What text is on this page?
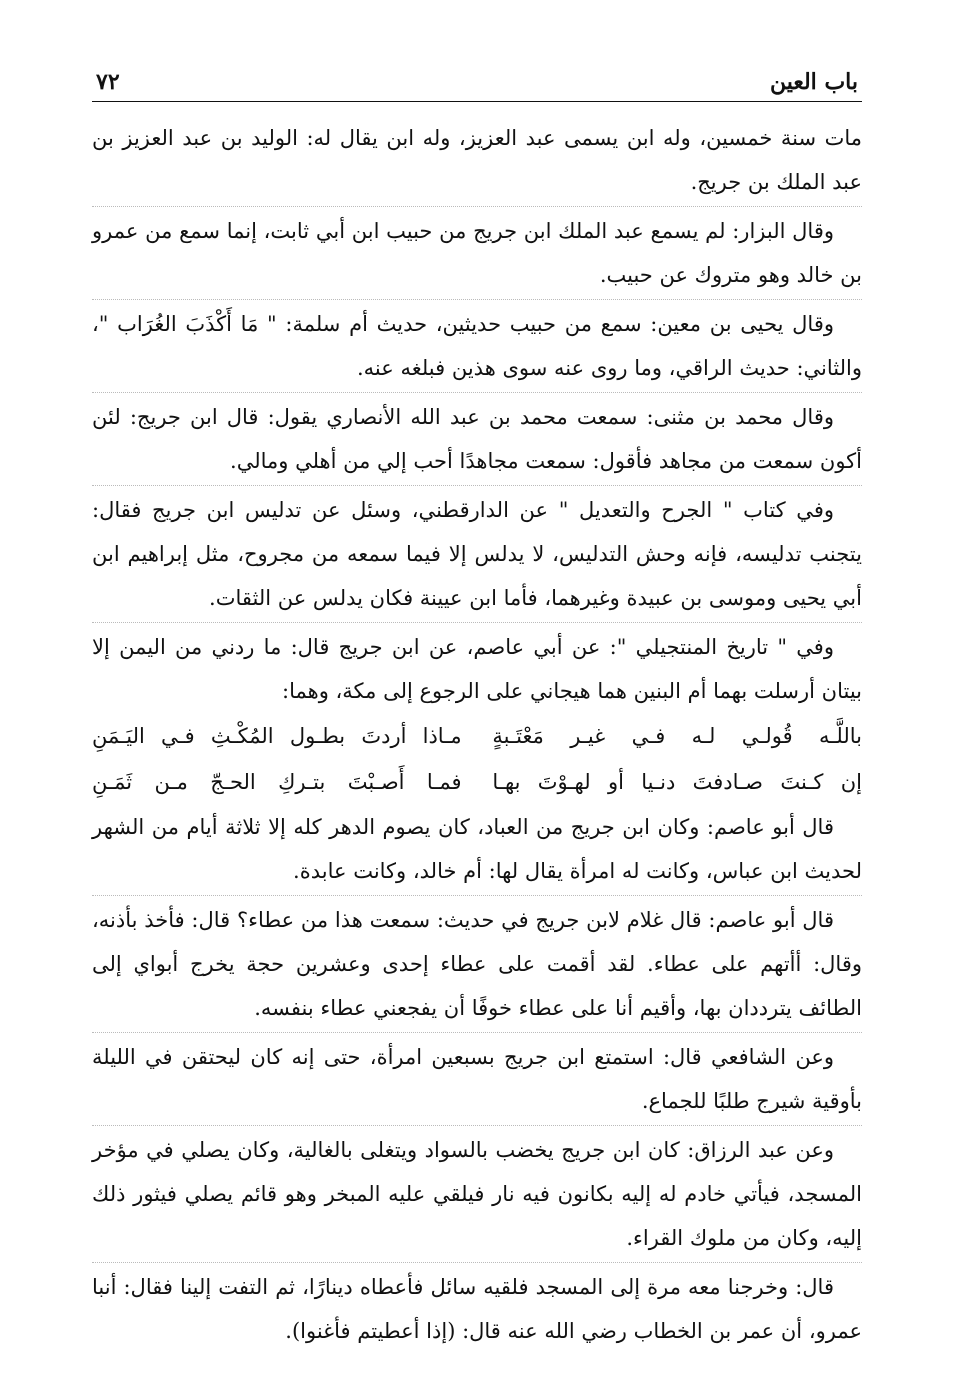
باب العين
٧٢

مات سنة خمسين، وله ابن يسمى عبد العزيز، وله ابن يقال له: الوليد بن عبد العزيز بن عبد الملك بن جريج.

وقال البزار: لم يسمع عبد الملك ابن جريج من حبيب ابن أبي ثابت، إنما سمع من عمرو بن خالد وهو متروك عن حبيب.

وقال يحيى بن معين: سمع من حبيب حديثين، حديث أم سلمة: " مَا أَكْذَبَ الغُرَاب "، والثاني: حديث الراقي، وما روى عنه سوى هذين فبلغه عنه.

وقال محمد بن مثنى: سمعت محمد بن عبد الله الأنصاري يقول: قال ابن جريج: لئن أكون سمعت من مجاهد فأقول: سمعت مجاهدًا أحب إلي من أهلي ومالي.

وفي كتاب " الجرح والتعديل " عن الدارقطني، وسئل عن تدليس ابن جريج فقال: يتجنب تدليسه، فإنه وحش التدليس، لا يدلس إلا فيما سمعه من مجروح، مثل إبراهيم ابن أبي يحيى وموسى بن عبيدة وغيرهما، فأما ابن عيينة فكان يدلس عن الثقات.

وفي " تاريخ المنتجيلي ": عن أبي عاصم، عن ابن جريج قال: ما ردني من اليمن إلا بيتان أرسلت بهما أم البنين هما هيجاني على الرجوع إلى مكة، وهما:

باللَّـه قُولـي لـه فـي غيـر مَعْتَـبةٍ
مـاذا أردتَ بطـول المُكْـثِ فـي اليَـمَنِ
إن كـنتَ صـادفتَ دنـيا أو لهـوْتَ بهـا
فمـا أَصـبْتَ بتـركِ الحـجّ مـن ثَمَـنِ

قال أبو عاصم: وكان ابن جريج من العباد، كان يصوم الدهر كله إلا ثلاثة أيام من الشهر لحديث ابن عباس، وكانت له امرأة يقال لها: أم خالد، وكانت عابدة.

قال أبو عاصم: قال غلام لابن جريج في حديث: سمعت هذا من عطاء؟ قال: فأخذ بأذنه، وقال: أأتهم على عطاء. لقد أقمت على عطاء إحدى وعشرين حجة يخرج أبواي إلى الطائف يترددان بها، وأقيم أنا على عطاء خوفًا أن يفجعني عطاء بنفسه.

وعن الشافعي قال: استمتع ابن جريج بسبعين امرأة، حتى إنه كان ليحتقن في الليلة بأوقية شيرج طلبًا للجماع.

وعن عبد الرزاق: كان ابن جريج يخضب بالسواد ويتغلى بالغالية، وكان يصلي في مؤخر المسجد، فيأتي خادم له إليه بكانون فيه نار فيلقي عليه المبخر وهو قائم يصلي فيثور ذلك إليه، وكان من ملوك القراء.

قال: وخرجنا معه مرة إلى المسجد فلقيه سائل فأعطاه دينارًا، ثم التفت إلينا فقال: أنبا عمرو، أن عمر بن الخطاب رضي الله عنه قال: (إذا أعطيتم فأغنوا).
